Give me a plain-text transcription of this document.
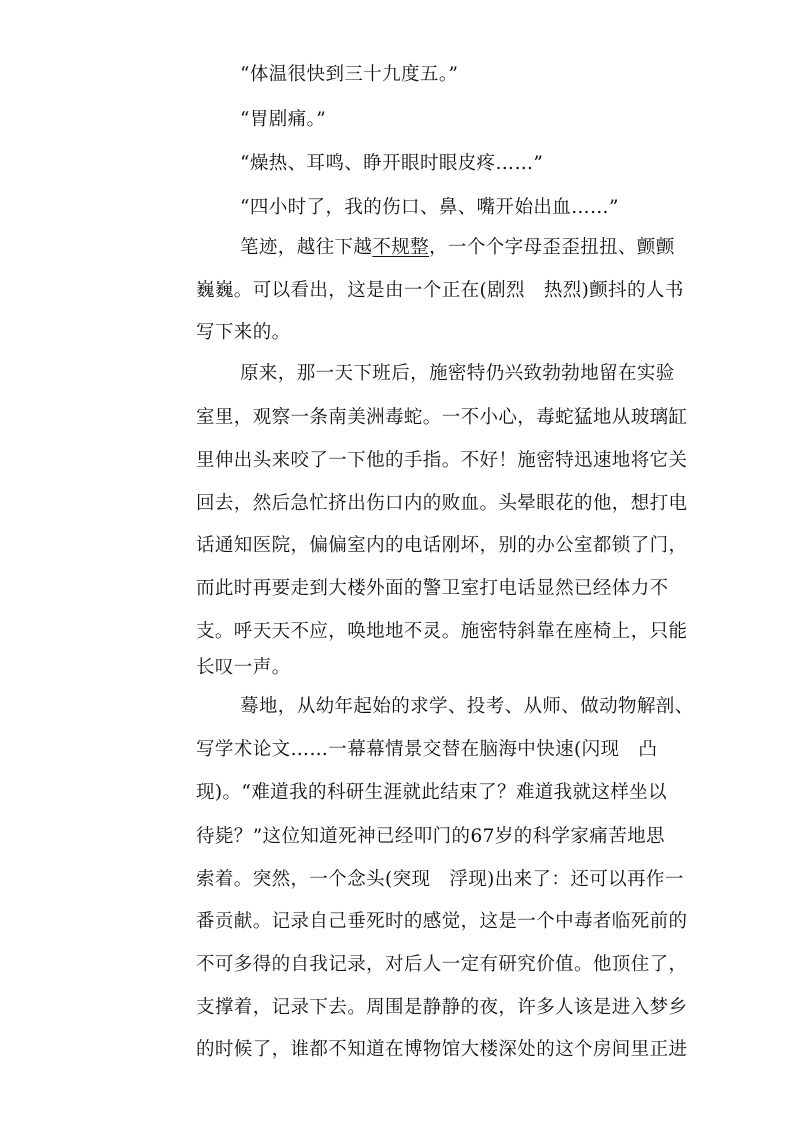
“体温很快到三十九度五。”
“胃剧痛。”
“燥热、耳鸣、睁开眼时眼皮疼……”
“四小时了，我的伤口、鼻、嘴开始出血……”
笔迹，越往下越不规整，一个个字母歪歪扭扭、颤颤
巍巍。可以看出，这是由一个正在(剧烈　热烈)颤抖的人书
写下来的。
原来，那一天下班后，施密特仍兴致勃勃地留在实验
室里，观察一条南美洲毒蛇。一不小心，毒蛇猛地从玻璃缸
里伸出头来咬了一下他的手指。不好！施密特迅速地将它关
回去，然后急忙挤出伤口内的败血。头晕眼花的他，想打电
话通知医院，偏偏室内的电话刚坏，别的办公室都锁了门，
而此时再要走到大楼外面的警卫室打电话显然已经体力不
支。呼天天不应，唤地地不灵。施密特斜靠在座椅上，只能
长叹一声。
蓦地，从幼年起始的求学、投考、从师、做动物解剖、
写学术论文……一幕幕情景交替在脑海中快速(闪现　凸
现)。“难道我的科研生涯就此结束了？难道我就这样坐以
待毙？”这位知道死神已经叩门的67岁的科学家痛苦地思
索着。突然，一个念头(突现　浮现)出来了：还可以再作一
番贡献。记录自己垂死时的感觉，这是一个中毒者临死前的
不可多得的自我记录，对后人一定有研究价值。他顶住了，
支撑着，记录下去。周围是静静的夜，许多人该是进入梦乡
的时候了，谁都不知道在博物馆大楼深处的这个房间里正进
